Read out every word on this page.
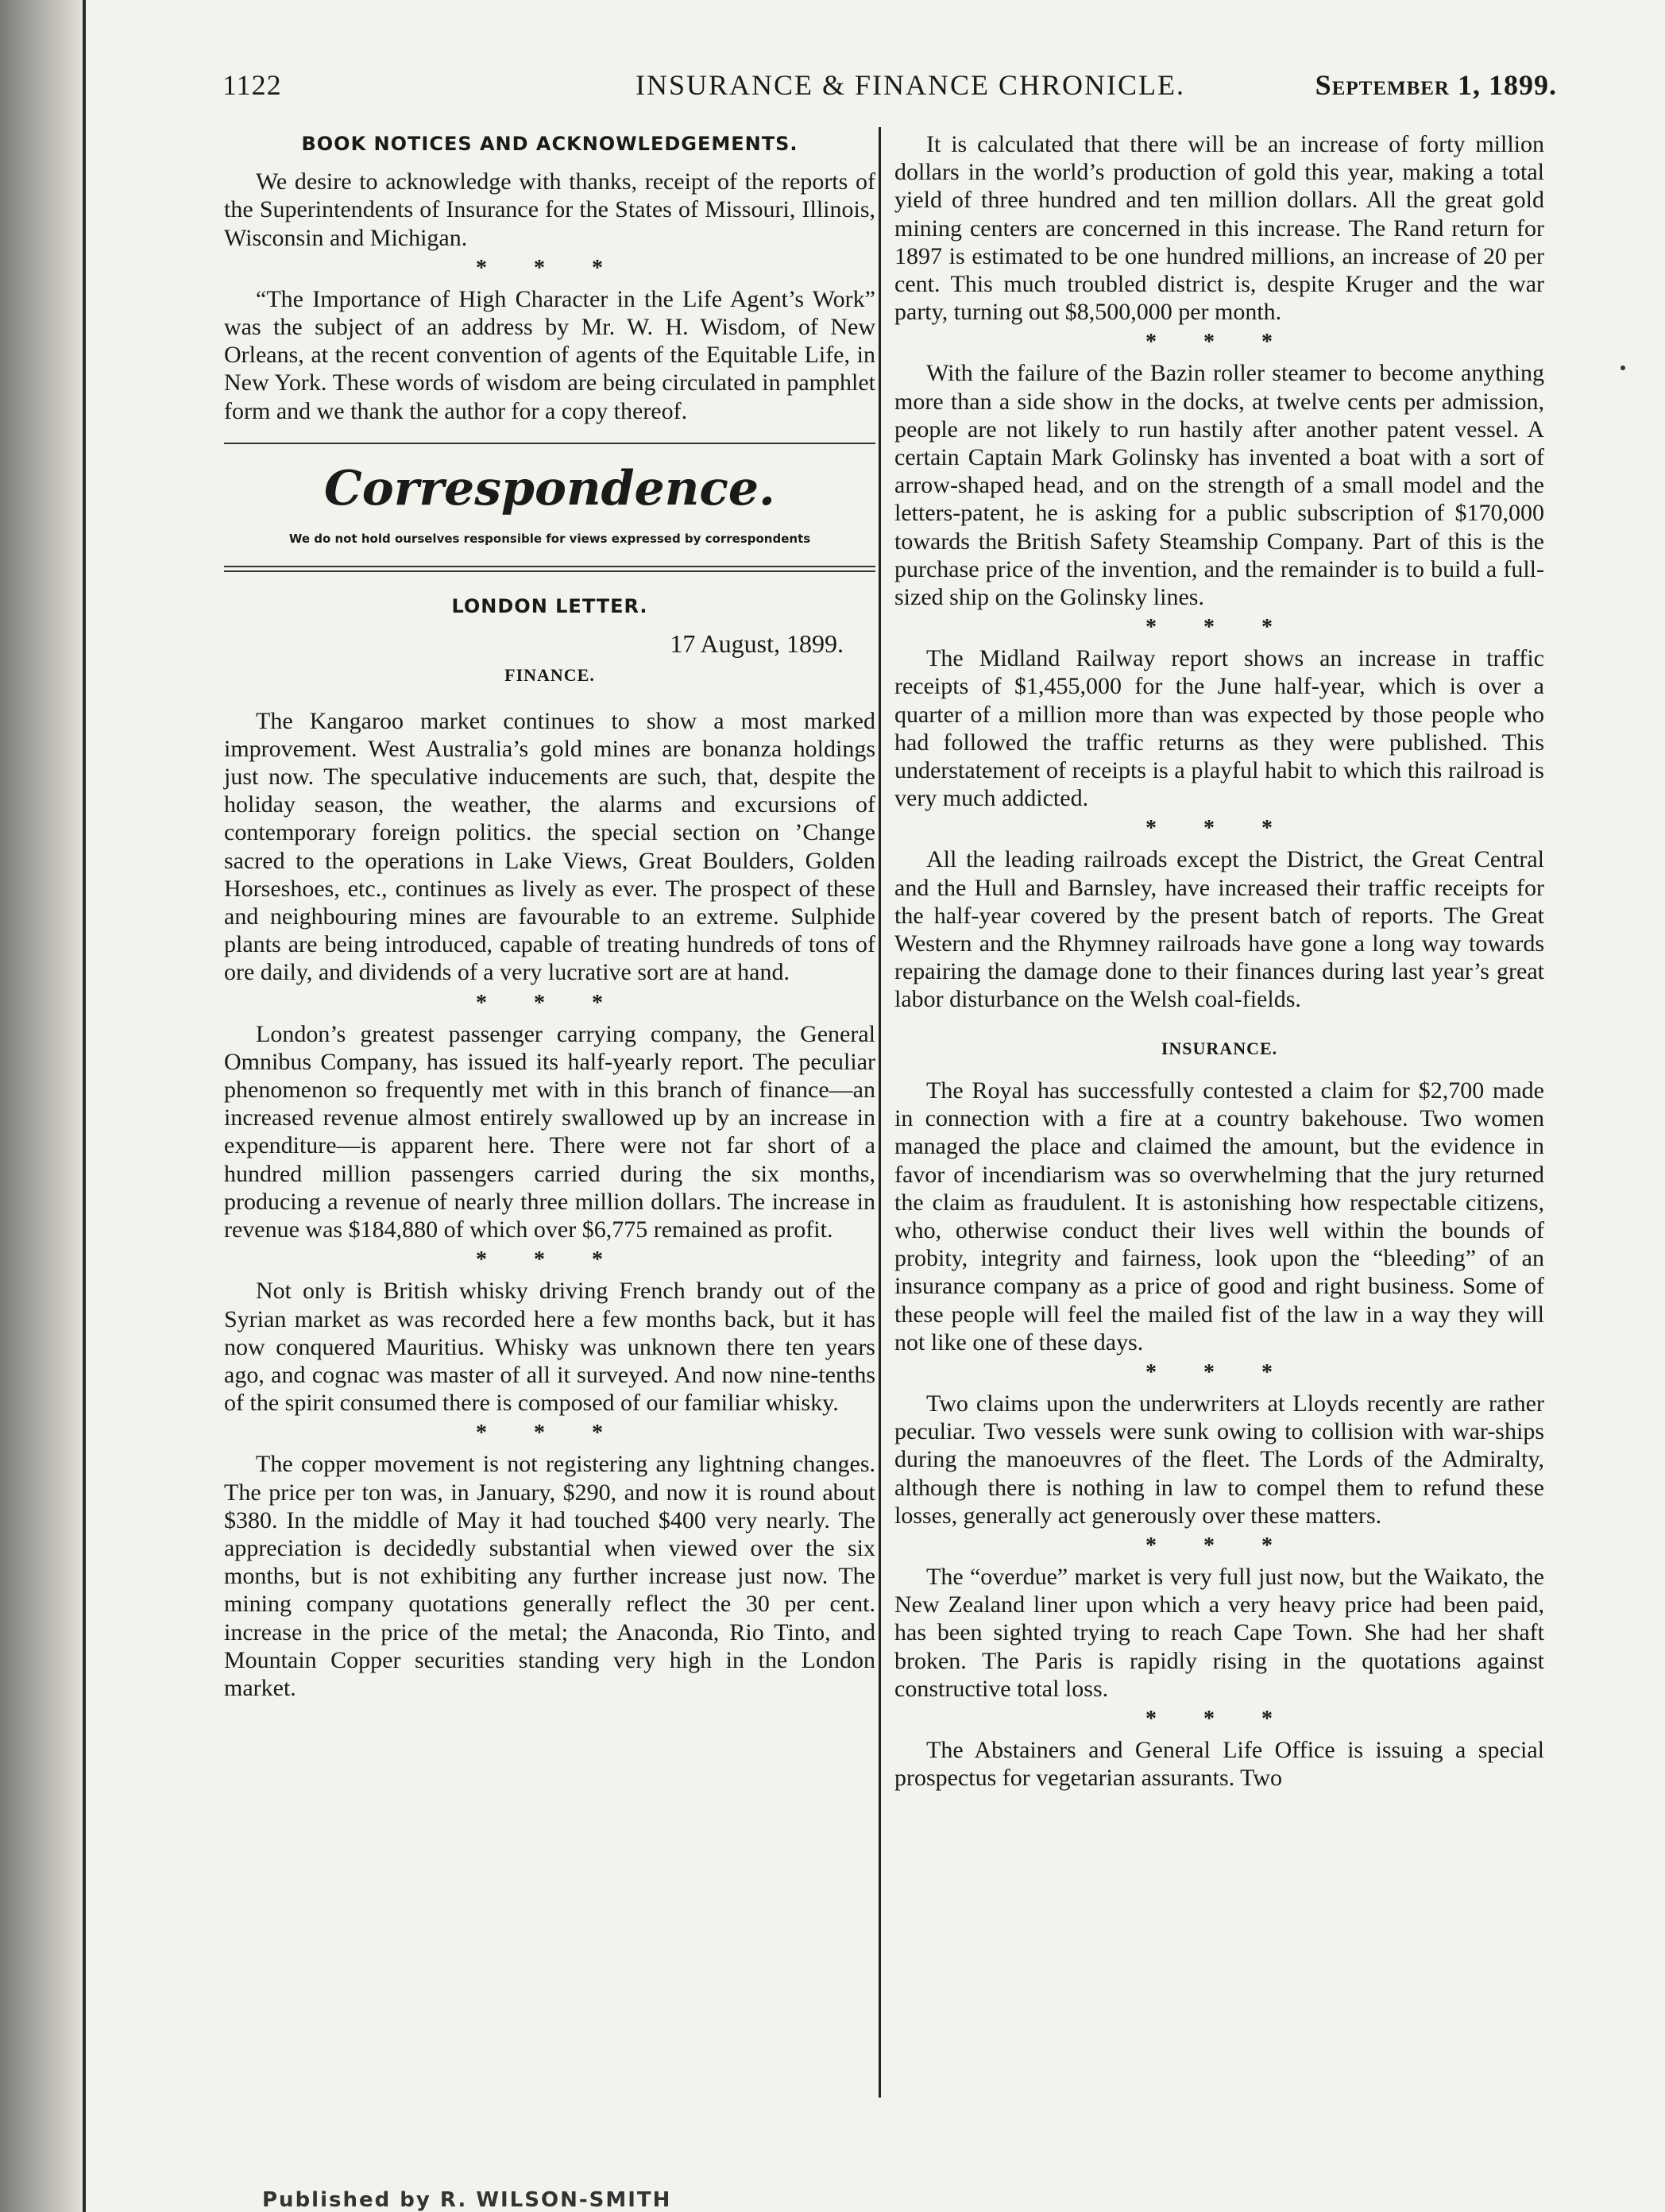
1122	INSURANCE & FINANCE CHRONICLE.	September 1, 1899.
BOOK NOTICES AND ACKNOWLEDGEMENTS.

We desire to acknowledge with thanks, receipt of the reports of the Superintendents of Insurance for the States of Missouri, Illinois, Wisconsin and Michigan.

* * *

“The Importance of High Character in the Life Agent’s Work” was the subject of an address by Mr. W. H. Wisdom, of New Orleans, at the recent convention of agents of the Equitable Life, in New York. These words of wisdom are being circulated in pamphlet form and we thank the author for a copy thereof.

Correspondence.
We do not hold ourselves responsible for views expressed by correspondents
LONDON LETTER.
17 August, 1899.
FINANCE.

The Kangaroo market continues to show a most marked improvement. West Australia’s gold mines are bonanza holdings just now. The speculative inducements are such, that, despite the holiday season, the weather, the alarms and excursions of contemporary foreign politics. the special section on ’Change sacred to the operations in Lake Views, Great Boulders, Golden Horseshoes, etc., continues as lively as ever. The prospect of these and neighbouring mines are favourable to an extreme. Sulphide plants are being introduced, capable of treating hundreds of tons of ore daily, and dividends of a very lucrative sort are at hand.

* * *

London’s greatest passenger carrying company, the General Omnibus Company, has issued its half-yearly report. The peculiar phenomenon so frequently met with in this branch of finance—an increased revenue almost entirely swallowed up by an increase in expenditure—is apparent here. There were not far short of a hundred million passengers carried during the six months, producing a revenue of nearly three million dollars. The increase in revenue was $184,880 of which over $6,775 remained as profit.

* * *

Not only is British whisky driving French brandy out of the Syrian market as was recorded here a few months back, but it has now conquered Mauritius. Whisky was unknown there ten years ago, and cognac was master of all it surveyed. And now nine-tenths of the spirit consumed there is composed of our familiar whisky.

* * *

The copper movement is not registering any lightning changes. The price per ton was, in January, $290, and now it is round about $380. In the middle of May it had touched $400 very nearly. The appreciation is decidedly substantial when viewed over the six months, but is not exhibiting any further increase just now. The mining company quotations generally reflect the 30 per cent. increase in the price of the metal; the Anaconda, Rio Tinto, and Mountain Copper securities standing very high in the London market.

It is calculated that there will be an increase of forty million dollars in the world’s production of gold this year, making a total yield of three hundred and ten million dollars. All the great gold mining centers are concerned in this increase. The Rand return for 1897 is estimated to be one hundred millions, an increase of 20 per cent. This much troubled district is, despite Kruger and the war party, turning out $8,500,000 per month.

* * *

With the failure of the Bazin roller steamer to become anything more than a side show in the docks, at twelve cents per admission, people are not likely to run hastily after another patent vessel. A certain Captain Mark Golinsky has invented a boat with a sort of arrow-shaped head, and on the strength of a small model and the letters-patent, he is asking for a public subscription of $170,000 towards the British Safety Steamship Company. Part of this is the purchase price of the invention, and the remainder is to build a full-sized ship on the Golinsky lines.

* * *

The Midland Railway report shows an increase in traffic receipts of $1,455,000 for the June half-year, which is over a quarter of a million more than was expected by those people who had followed the traffic returns as they were published. This understatement of receipts is a playful habit to which this railroad is very much addicted.

* * *

All the leading railroads except the District, the Great Central and the Hull and Barnsley, have increased their traffic receipts for the half-year covered by the present batch of reports. The Great Western and the Rhymney railroads have gone a long way towards repairing the damage done to their finances during last year’s great labor disturbance on the Welsh coal-fields.

INSURANCE.

The Royal has successfully contested a claim for $2,700 made in connection with a fire at a country bakehouse. Two women managed the place and claimed the amount, but the evidence in favor of incendiarism was so overwhelming that the jury returned the claim as fraudulent. It is astonishing how respectable citizens, who, otherwise conduct their lives well within the bounds of probity, integrity and fairness, look upon the “bleeding” of an insurance company as a price of good and right business. Some of these people will feel the mailed fist of the law in a way they will not like one of these days.

* * *

Two claims upon the underwriters at Lloyds recently are rather peculiar. Two vessels were sunk owing to collision with war-ships during the manoeuvres of the fleet. The Lords of the Admiralty, although there is nothing in law to compel them to refund these losses, generally act generously over these matters.

* * *

The “overdue” market is very full just now, but the Waikato, the New Zealand liner upon which a very heavy price had been paid, has been sighted trying to reach Cape Town. She had her shaft broken. The Paris is rapidly rising in the quotations against constructive total loss.

* * *

The Abstainers and General Life Office is issuing a special prospectus for vegetarian assurants. Two

Published by R. WILSON-SMITH
